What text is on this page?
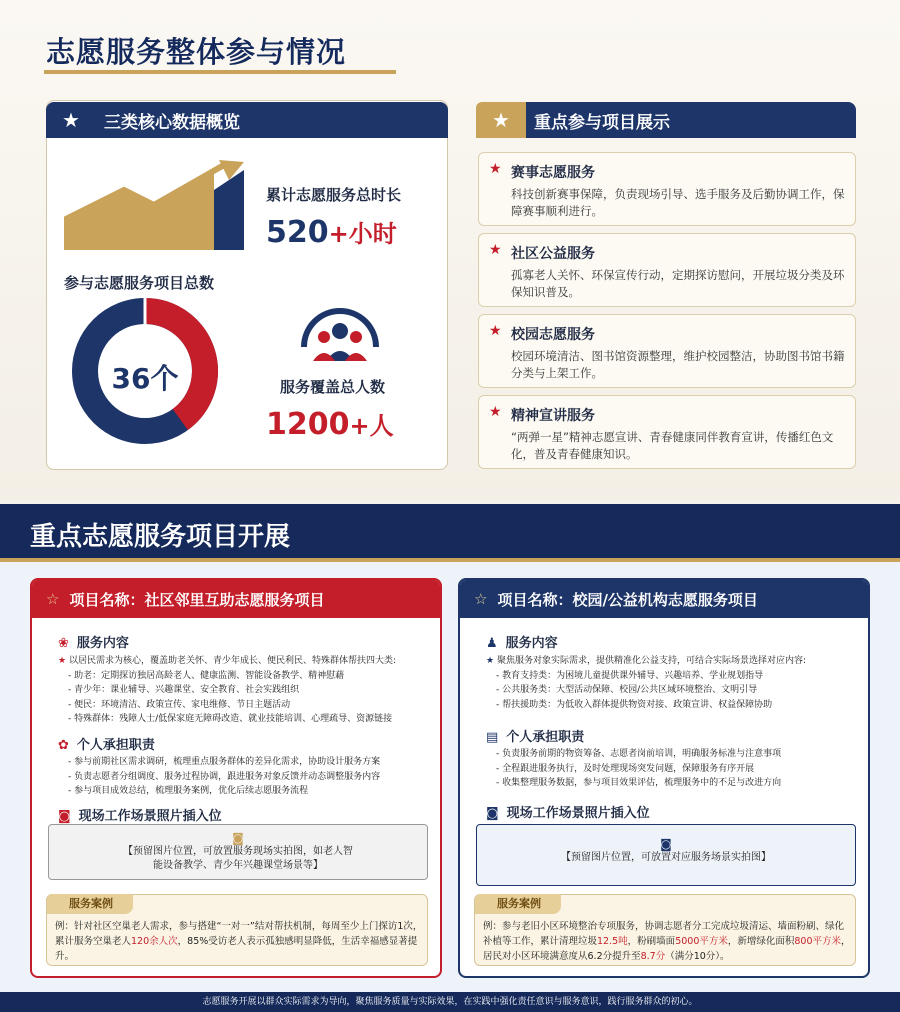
志愿服务整体参与情况
★	三类核心数据概览
累计志愿服务总时长
520+小时
参与志愿服务项目总数
36个	服务覆盖总人数
1200+人
★	重点参与项目展示
★ 赛事志愿服务
科技创新赛事保障，负责现场引导、选手服务及后勤协调工作，保障赛事顺利进行。
★ 社区公益服务
孤寡老人关怀、环保宣传行动，定期探访慰问，开展垃圾分类及环保知识普及。
★ 校园志愿服务
校园环境清洁、图书馆资源整理，维护校园整洁，协助图书馆书籍分类与上架工作。
★ 精神宣讲服务
“两弹一星”精神志愿宣讲、青春健康同伴教育宣讲，传播红色文化，普及青春健康知识。
重点志愿服务项目开展
☆ 项目名称：社区邻里互助志愿服务项目
❀ 服务内容
★ 以居民需求为核心，覆盖助老关怀、青少年成长、便民利民、特殊群体帮扶四大类:
- 助老：定期探访独居高龄老人、健康监测、智能设备教学、精神慰藉
- 青少年：课业辅导、兴趣课堂、安全教育、社会实践组织
- 便民：环境清洁、政策宣传、家电维修、节日主题活动
- 特殊群体：残障人士/低保家庭无障碍改造、就业技能培训、心理疏导、资源链接
✿ 个人承担职责
- 参与前期社区需求调研，梳理重点服务群体的差异化需求，协助设计服务方案
- 负责志愿者分组调度、服务过程协调，跟进服务对象反馈并动态调整服务内容
- 参与项目成效总结，梳理服务案例，优化后续志愿服务流程
◙ 现场工作场景照片插入位
◙
【预留图片位置，可放置服务现场实拍图，如老人智能设备教学、青少年兴趣课堂场景等】
服务案例
例：针对社区空巢老人需求，参与搭建“一对一”结对帮扶机制，每周至少上门探访1次，累计服务空巢老人120余人次，85%受访老人表示孤独感明显降低，生活幸福感显著提升。
☆ 项目名称：校园/公益机构志愿服务项目
♟ 服务内容
★ 聚焦服务对象实际需求，提供精准化公益支持，可结合实际场景选择对应内容:
- 教育支持类：为困境儿童提供课外辅导、兴趣培养、学业规划指导
- 公共服务类：大型活动保障、校园/公共区域环境整治、文明引导
- 帮扶援助类：为低收入群体提供物资对接、政策宣讲、权益保障协助
▤ 个人承担职责
- 负责服务前期的物资筹备、志愿者岗前培训，明确服务标准与注意事项
- 全程跟进服务执行，及时处理现场突发问题，保障服务有序开展
- 收集整理服务数据，参与项目效果评估，梳理服务中的不足与改进方向
◙ 现场工作场景照片插入位
◙
【预留图片位置，可放置对应服务场景实拍图】
服务案例
例：参与老旧小区环境整治专项服务，协调志愿者分工完成垃圾清运、墙面粉刷、绿化补植等工作，累计清理垃圾12.5吨，粉刷墙面5000平方米，新增绿化面积800平方米，居民对小区环境满意度从6.2分提升至8.7分（满分10分）。
志愿服务开展以群众实际需求为导向，聚焦服务质量与实际效果，在实践中强化责任意识与服务意识，践行服务群众的初心。
